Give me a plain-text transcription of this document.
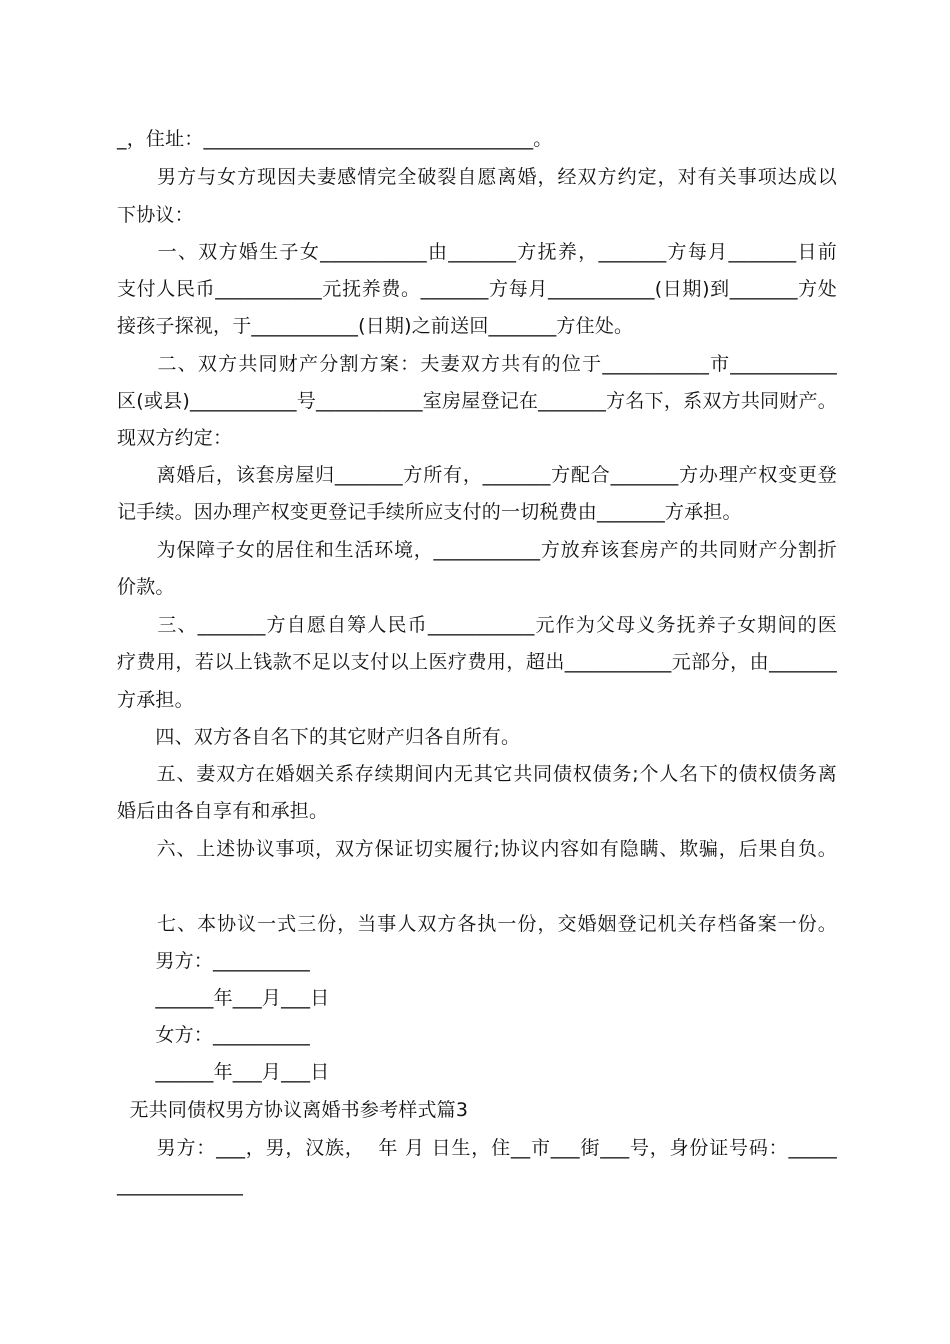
_，住址：__________________________________。
　　男方与女方现因夫妻感情完全破裂自愿离婚，经双方约定，对有关事项达成以
下协议：
　　一、双方婚生子女___________由_______方抚养，_______方每月_______日前
支付人民币___________元抚养费。_______方每月___________(日期)到_______方处
接孩子探视，于___________(日期)之前送回_______方住处。
　　二、双方共同财产分割方案：夫妻双方共有的位于___________市___________
区(或县)___________号___________室房屋登记在_______方名下，系双方共同财产。
现双方约定：
　　离婚后，该套房屋归_______方所有，_______方配合_______方办理产权变更登
记手续。因办理产权变更登记手续所应支付的一切税费由_______方承担。
　　为保障子女的居住和生活环境，___________方放弃该套房产的共同财产分割折
价款。
　　三、_______方自愿自筹人民币___________元作为父母义务抚养子女期间的医
疗费用，若以上钱款不足以支付以上医疗费用，超出___________元部分，由_______
方承担。
　　四、双方各自名下的其它财产归各自所有。
　　五、妻双方在婚姻关系存续期间内无其它共同债权债务;个人名下的债权债务离
婚后由各自享有和承担。
　　六、上述协议事项，双方保证切实履行;协议内容如有隐瞒、欺骗，后果自负。
　　七、本协议一式三份，当事人双方各执一份，交婚姻登记机关存档备案一份。
　　男方：__________
　　______年___月___日
　　女方：__________
　　______年___月___日
无共同债权男方协议离婚书参考样式篇3
　　男方：___，男，汉族，  年 月 日生，住__市___街___号，身份证号码：_____
_____________
